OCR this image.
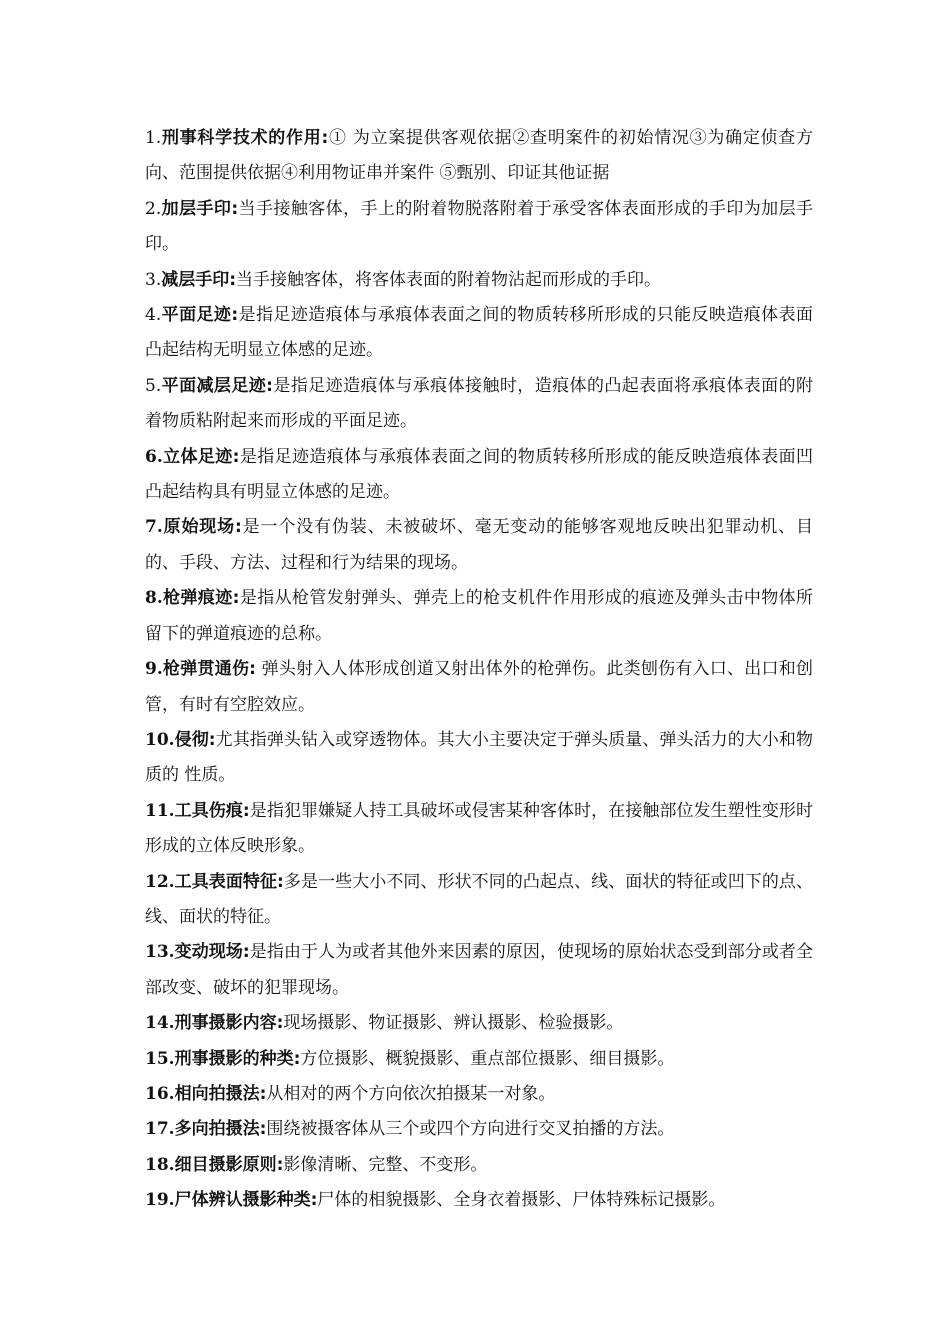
1.刑事科学技术的作用:① 为立案提供客观依据②查明案件的初始情况③为确定侦查方向、范围提供依据④利用物证串并案件 ⑤甄别、印证其他证据

2.加层手印:当手接触客体，手上的附着物脱落附着于承受客体表面形成的手印为加层手印。

3.减层手印:当手接触客体，将客体表面的附着物沾起而形成的手印。

4.平面足迹:是指足迹造痕体与承痕体表面之间的物质转移所形成的只能反映造痕体表面凸起结构无明显立体感的足迹。

5.平面减层足迹:是指足迹造痕体与承痕体接触时，造痕体的凸起表面将承痕体表面的附着物质粘附起来而形成的平面足迹。

6.立体足迹:是指足迹造痕体与承痕体表面之间的物质转移所形成的能反映造痕体表面凹凸起结构具有明显立体感的足迹。

7.原始现场:是一个没有伪装、未被破坏、毫无变动的能够客观地反映出犯罪动机、目的、手段、方法、过程和行为结果的现场。

8.枪弹痕迹:是指从枪管发射弹头、弹壳上的枪支机件作用形成的痕迹及弹头击中物体所留下的弹道痕迹的总称。

9.枪弹贯通伤: 弹头射入人体形成创道又射出体外的枪弹伤。此类刨伤有入口、出口和创管，有时有空腔效应。

10.侵彻:尤其指弹头钻入或穿透物体。其大小主要决定于弹头质量、弹头活力的大小和物质的 性质。

11.工具伤痕:是指犯罪嫌疑人持工具破坏或侵害某种客体时，在接触部位发生塑性变形时形成的立体反映形象。

12.工具表面特征:多是一些大小不同、形状不同的凸起点、线、面状的特征或凹下的点、线、面状的特征。

13.变动现场:是指由于人为或者其他外来因素的原因，使现场的原始状态受到部分或者全部改变、破坏的犯罪现场。

14.刑事摄影内容:现场摄影、物证摄影、辨认摄影、检验摄影。

15.刑事摄影的种类:方位摄影、概貌摄影、重点部位摄影、细目摄影。

16.相向拍摄法:从相对的两个方向依次拍摄某一对象。

17.多向拍摄法:围绕被摄客体从三个或四个方向进行交叉拍播的方法。

18.细目摄影原则:影像清晰、完整、不变形。

19.尸体辨认摄影种类:尸体的相貌摄影、全身衣着摄影、尸体特殊标记摄影。
